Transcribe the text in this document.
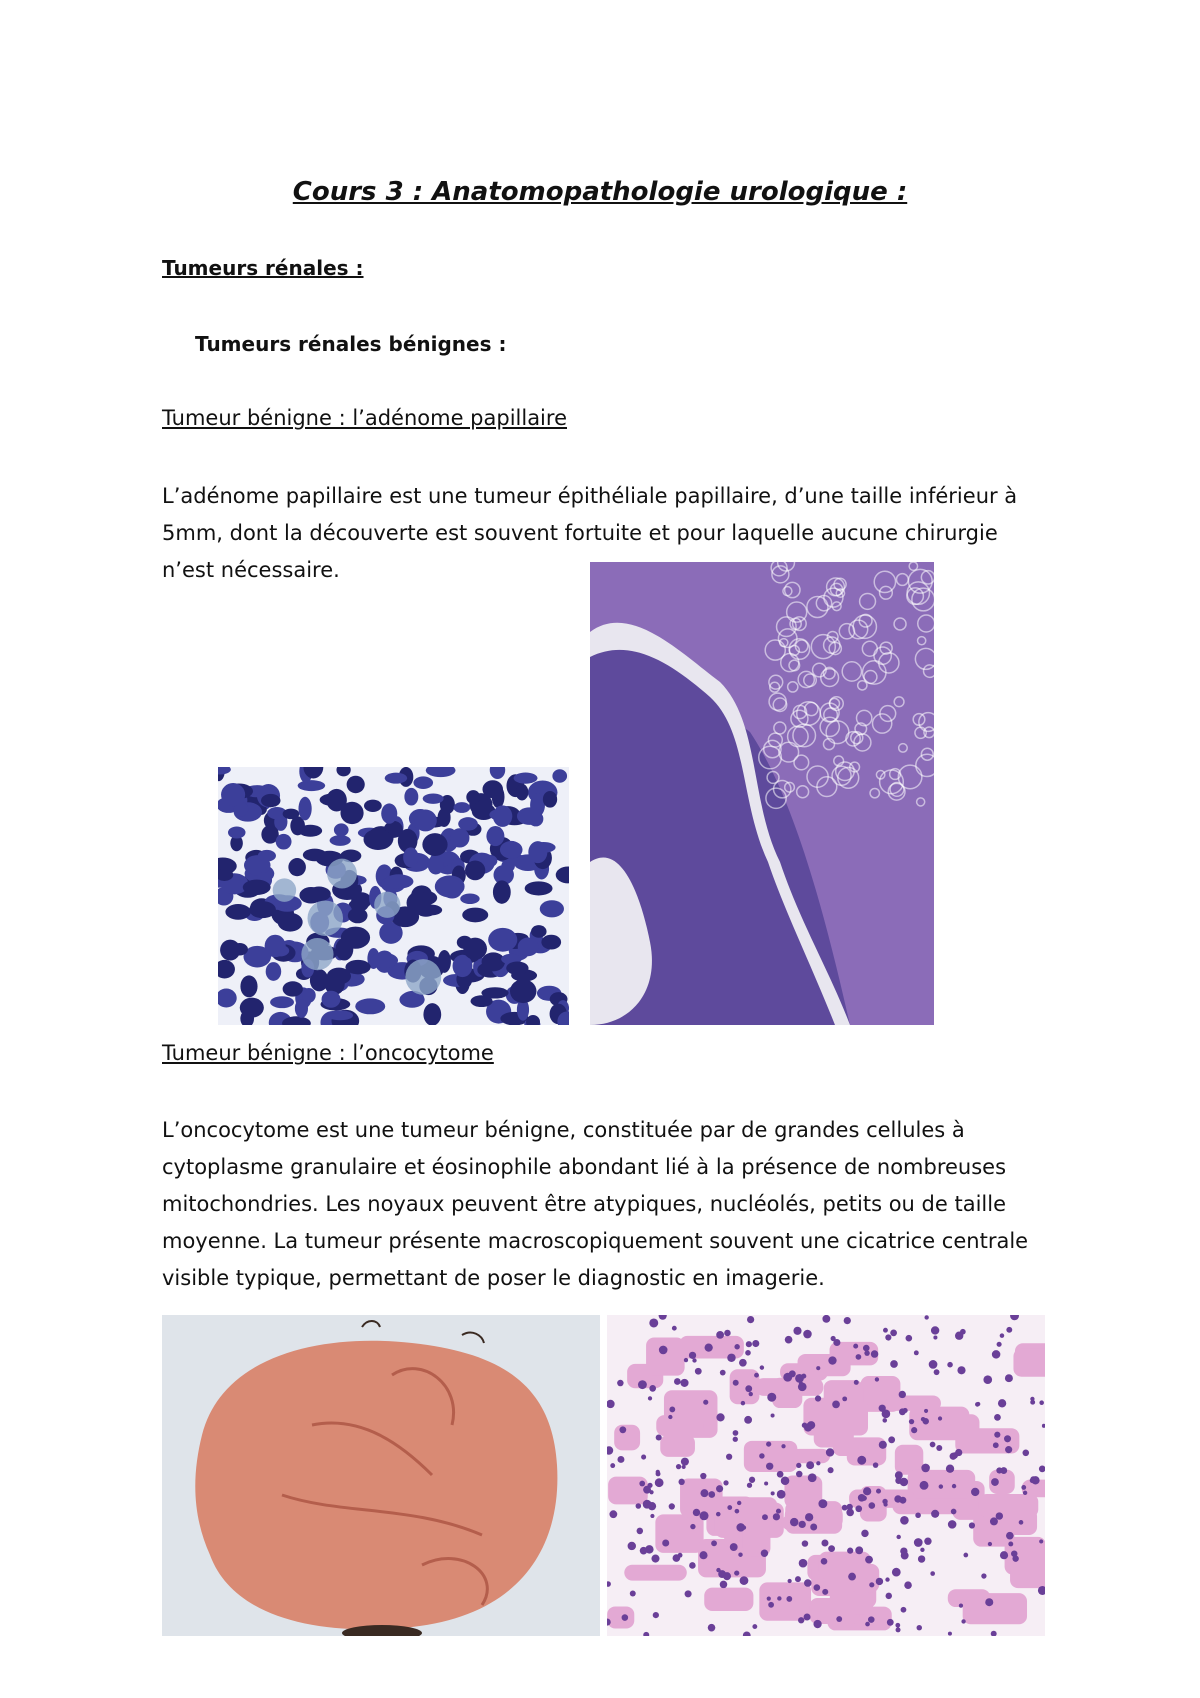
Cours 3 : Anatomopathologie urologique :
Tumeurs rénales :
Tumeurs rénales bénignes :
Tumeur bénigne : l’adénome papillaire
L’adénome papillaire est une tumeur épithéliale papillaire, d’une taille inférieur à
5mm, dont la découverte est souvent fortuite et pour laquelle aucune chirurgie
n’est nécessaire.
Tumeur bénigne : l’oncocytome
L’oncocytome est une tumeur bénigne, constituée par de grandes cellules à
cytoplasme granulaire et éosinophile abondant lié à la présence de nombreuses
mitochondries. Les noyaux peuvent être atypiques, nucléolés, petits ou de taille
moyenne. La tumeur présente macroscopiquement souvent une cicatrice centrale
visible typique, permettant de poser le diagnostic en imagerie.
